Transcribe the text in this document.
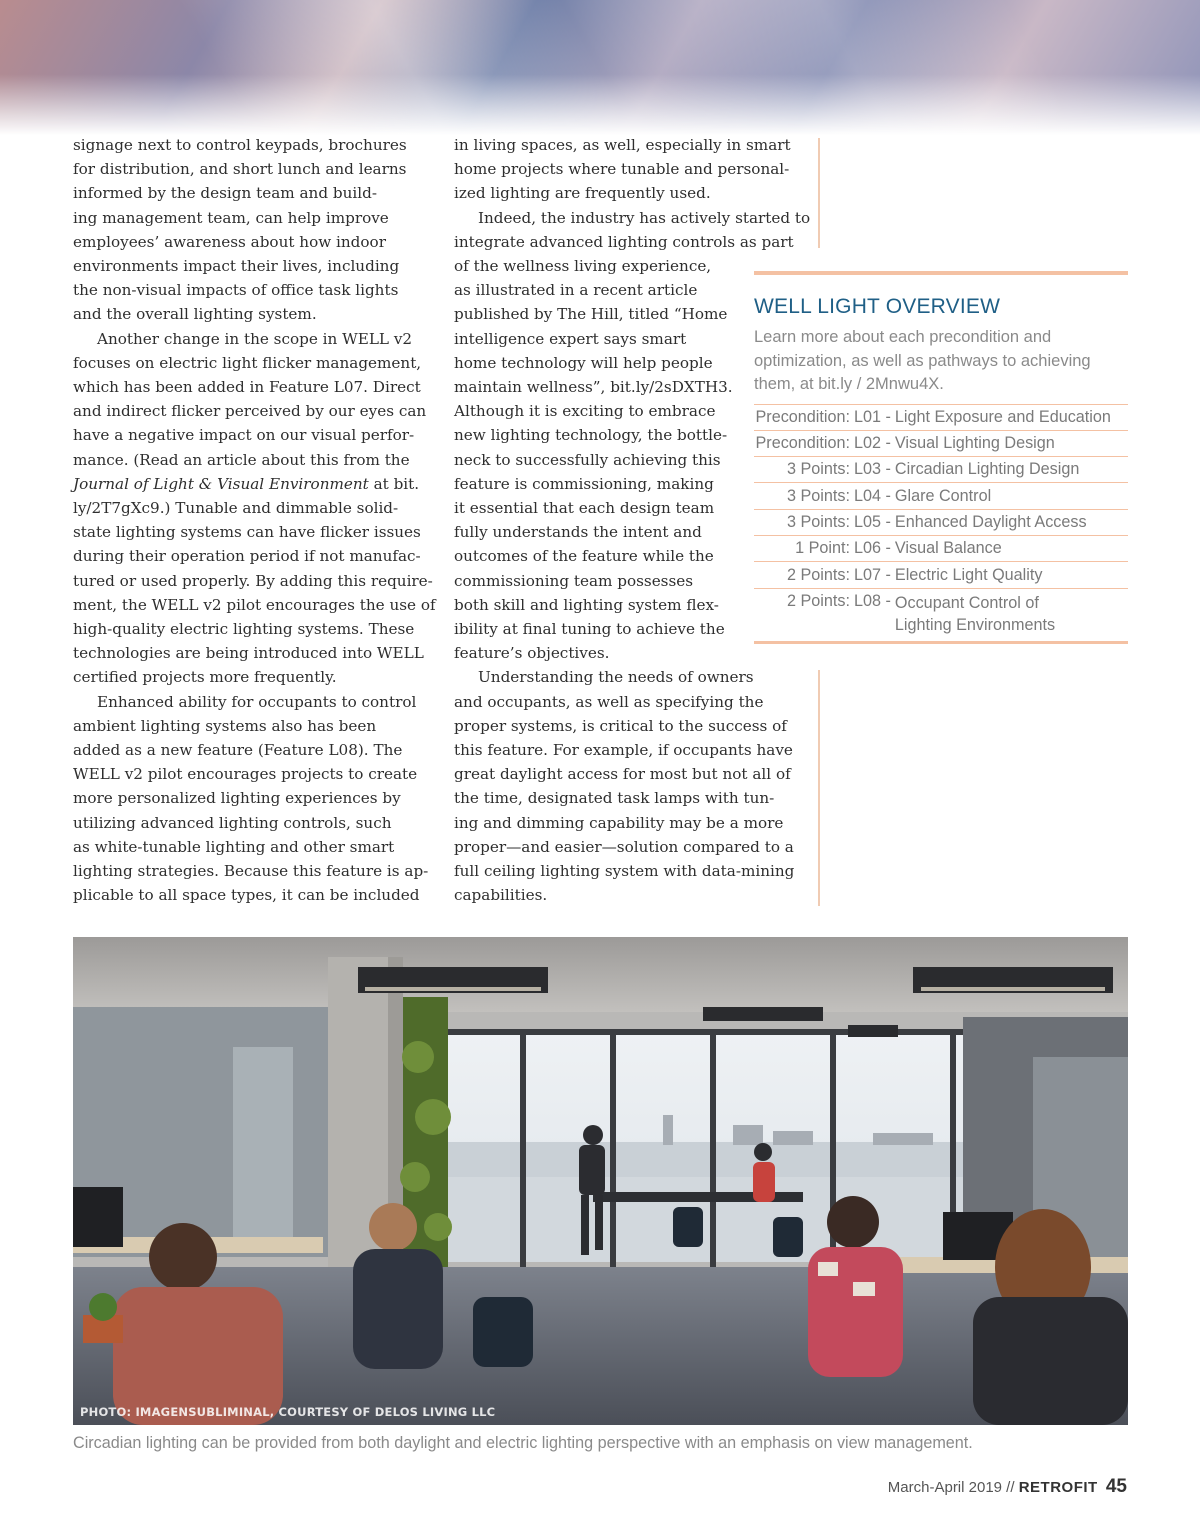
signage next to control keypads, brochures
for distribution, and short lunch and learns
informed by the design team and build-
ing management team, can help improve
employees’ awareness about how indoor
environments impact their lives, including
the non-visual impacts of office task lights
and the overall lighting system.

Another change in the scope in WELL v2
focuses on electric light flicker management,
which has been added in Feature L07. Direct
and indirect flicker perceived by our eyes can
have a negative impact on our visual perfor-
mance. (Read an article about this from the
Journal of Light & Visual Environment at bit.
ly/2T7gXc9.) Tunable and dimmable solid-
state lighting systems can have flicker issues
during their operation period if not manufac-
tured or used properly. By adding this require-
ment, the WELL v2 pilot encourages the use of
high-quality electric lighting systems. These
technologies are being introduced into WELL
certified projects more frequently.

Enhanced ability for occupants to control
ambient lighting systems also has been
added as a new feature (Feature L08). The
WELL v2 pilot encourages projects to create
more personalized lighting experiences by
utilizing advanced lighting controls, such
as white-tunable lighting and other smart
lighting strategies. Because this feature is ap-
plicable to all space types, it can be included

in living spaces, as well, especially in smart
home projects where tunable and personal-
ized lighting are frequently used.

Indeed, the industry has actively started to
integrate advanced lighting controls as part
of the wellness living experience,
as illustrated in a recent article
published by The Hill, titled “Home
intelligence expert says smart
home technology will help people
maintain wellness”, bit.ly/2sDXTH3.
Although it is exciting to embrace
new lighting technology, the bottle-
neck to successfully achieving this
feature is commissioning, making
it essential that each design team
fully understands the intent and
outcomes of the feature while the
commissioning team possesses
both skill and lighting system flex-
ibility at final tuning to achieve the
feature’s objectives.

Understanding the needs of owners
and occupants, as well as specifying the
proper systems, is critical to the success of
this feature. For example, if occupants have
great daylight access for most but not all of
the time, designated task lamps with tun-
ing and dimming capability may be a more
proper—and easier—solution compared to a
full ceiling lighting system with data-mining
capabilities.

WELL LIGHT OVERVIEW
Learn more about each precondition and optimization, as well as pathways to achieving them, at bit.ly / 2Mnwu4X.
Precondition: L01 - Light Exposure and Education
Precondition: L02 - Visual Lighting Design
3 Points: L03 - Circadian Lighting Design
3 Points: L04 - Glare Control
3 Points: L05 - Enhanced Daylight Access
1 Point: L06 - Visual Balance
2 Points: L07 - Electric Light Quality
2 Points: L08 - Occupant Control of
Lighting Environments
PHOTO: IMAGENSUBLIMINAL, COURTESY OF DELOS LIVING LLC
Circadian lighting can be provided from both daylight and electric lighting perspective with an emphasis on view management.
March-April 2019 // RETROFIT 45
